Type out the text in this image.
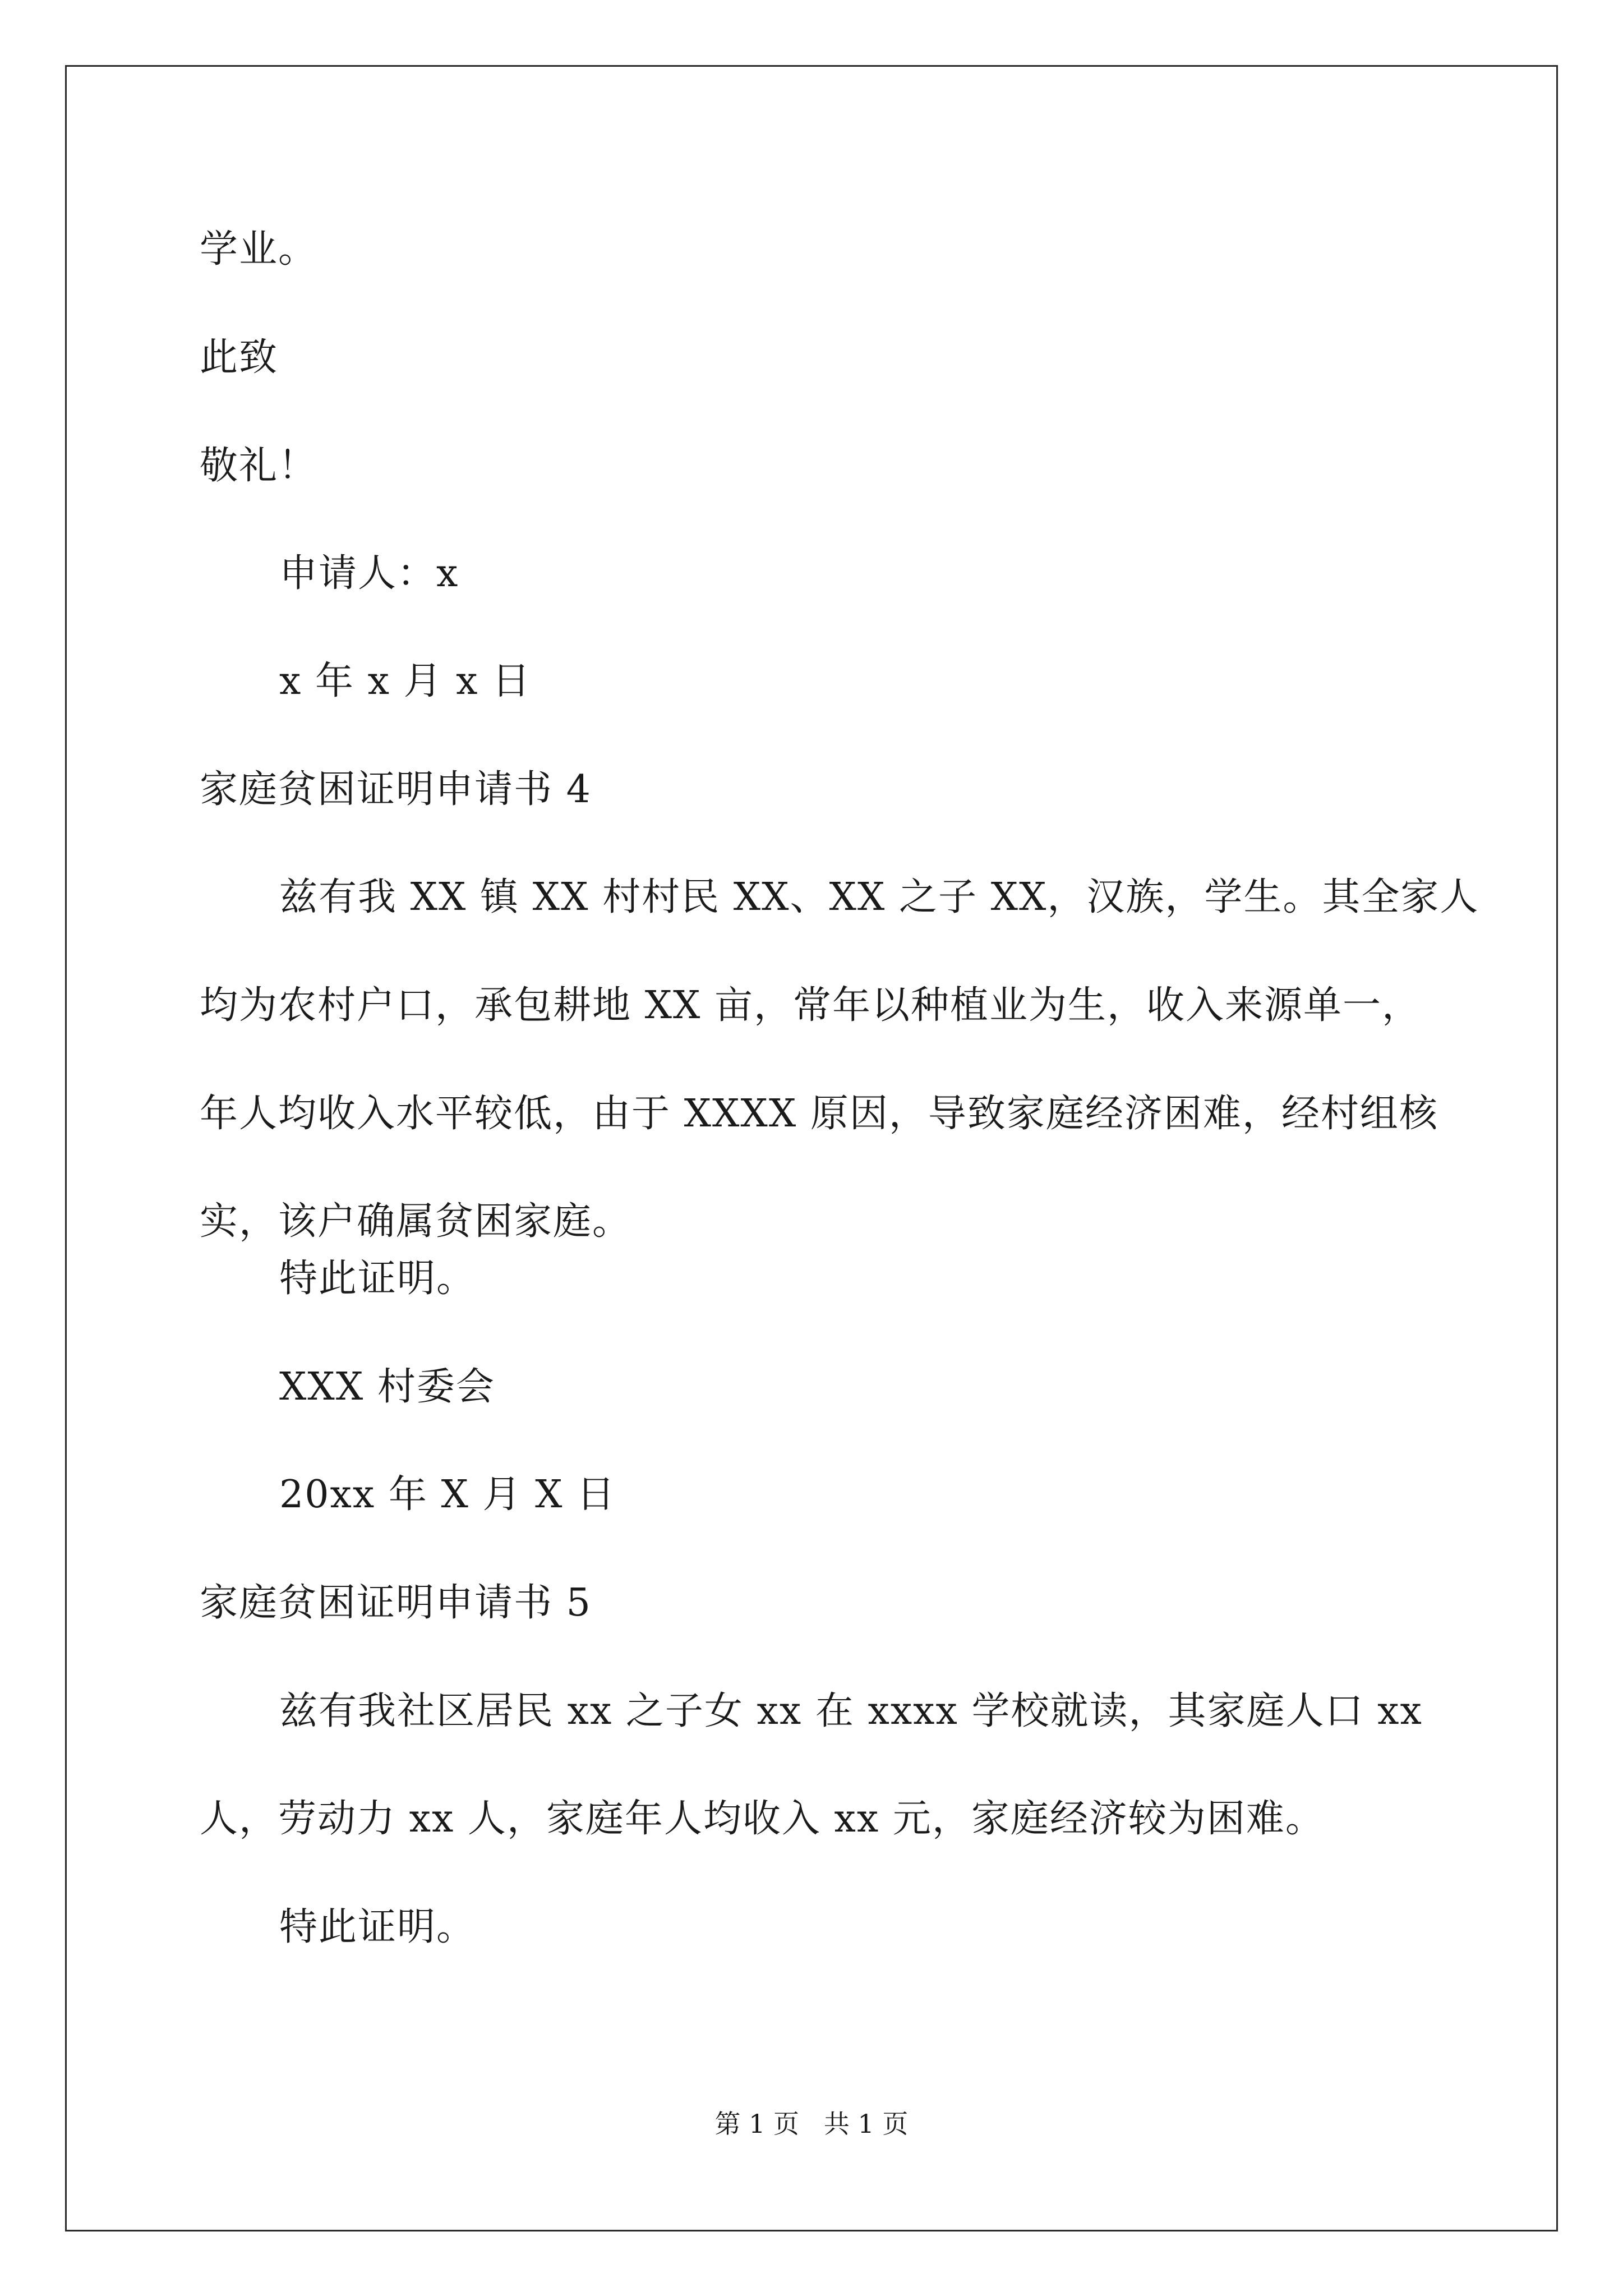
学业。
此致
敬礼！
申请人：x
x 年 x 月 x 日
家庭贫困证明申请书 4
兹有我 XX 镇 XX 村村民 XX、XX 之子 XX，汉族，学生。其全家人
均为农村户口，承包耕地 XX 亩，常年以种植业为生，收入来源单一，
年人均收入水平较低，由于 XXXX 原因，导致家庭经济困难，经村组核
实，该户确属贫困家庭。
特此证明。
XXX 村委会
20xx 年 X 月 X 日
家庭贫困证明申请书 5
兹有我社区居民 xx 之子女 xx 在 xxxx 学校就读，其家庭人口 xx
人，劳动力 xx 人，家庭年人均收入 xx 元，家庭经济较为困难。
特此证明。
第 1 页   共 1 页
